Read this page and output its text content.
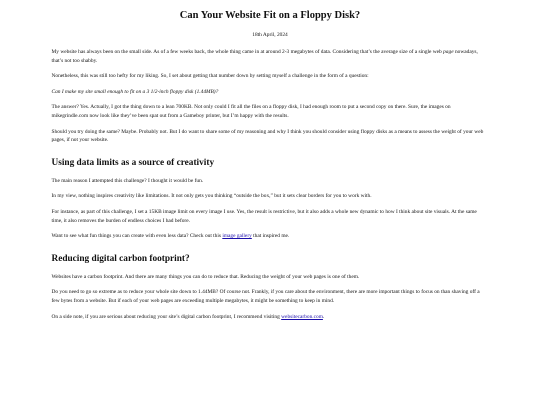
Can Your Website Fit on a Floppy Disk?
18th April, 2024

My website has always been on the small side. As of a few weeks back, the whole thing came in at around 2-3 megabytes of data. Considering that’s the average size of a single web page nowadays, that’s not too shabby.

Nonetheless, this was still too hefty for my liking. So, I set about getting that number down by setting myself a challenge in the form of a question:

Can I make my site small enough to fit on a 3 1/2-inch floppy disk (1.44MB)?

The answer? Yes. Actually, I got the thing down to a lean 700KB. Not only could I fit all the files on a floppy disk, I had enough room to put a second copy on there. Sure, the images on mikegrindle.com now look like they’ve been spat out from a Gameboy printer, but I’m happy with the results.

Should you try doing the same? Maybe. Probably not. But I do want to share some of my reasoning and why I think you should consider using floppy disks as a means to assess the weight of your web pages, if not your website.

Using data limits as a source of creativity

The main reason I attempted this challenge? I thought it would be fun.

In my view, nothing inspires creativity like limitations. It not only gets you thinking “outside the box,” but it sets clear borders for you to work with.

For instance, as part of this challenge, I set a 15KB image limit on every image I use. Yes, the result is restrictive, but it also adds a whole new dynamic to how I think about site visuals. At the same time, it also removes the burden of endless choices I had before.

Want to see what fun things you can create with even less data? Check out this image gallery that inspired me.

Reducing digital carbon footprint?

Websites have a carbon footprint. And there are many things you can do to reduce that. Reducing the weight of your web pages is one of them.

Do you need to go so extreme as to reduce your whole site down to 1.44MB? Of course not. Frankly, if you care about the environment, there are more important things to focus on than shaving off a few bytes from a website. But if each of your web pages are exceeding multiple megabytes, it might be something to keep in mind.

On a side note, if you are serious about reducing your site’s digital carbon footprint, I recommend visiting websitecarbon.com.
